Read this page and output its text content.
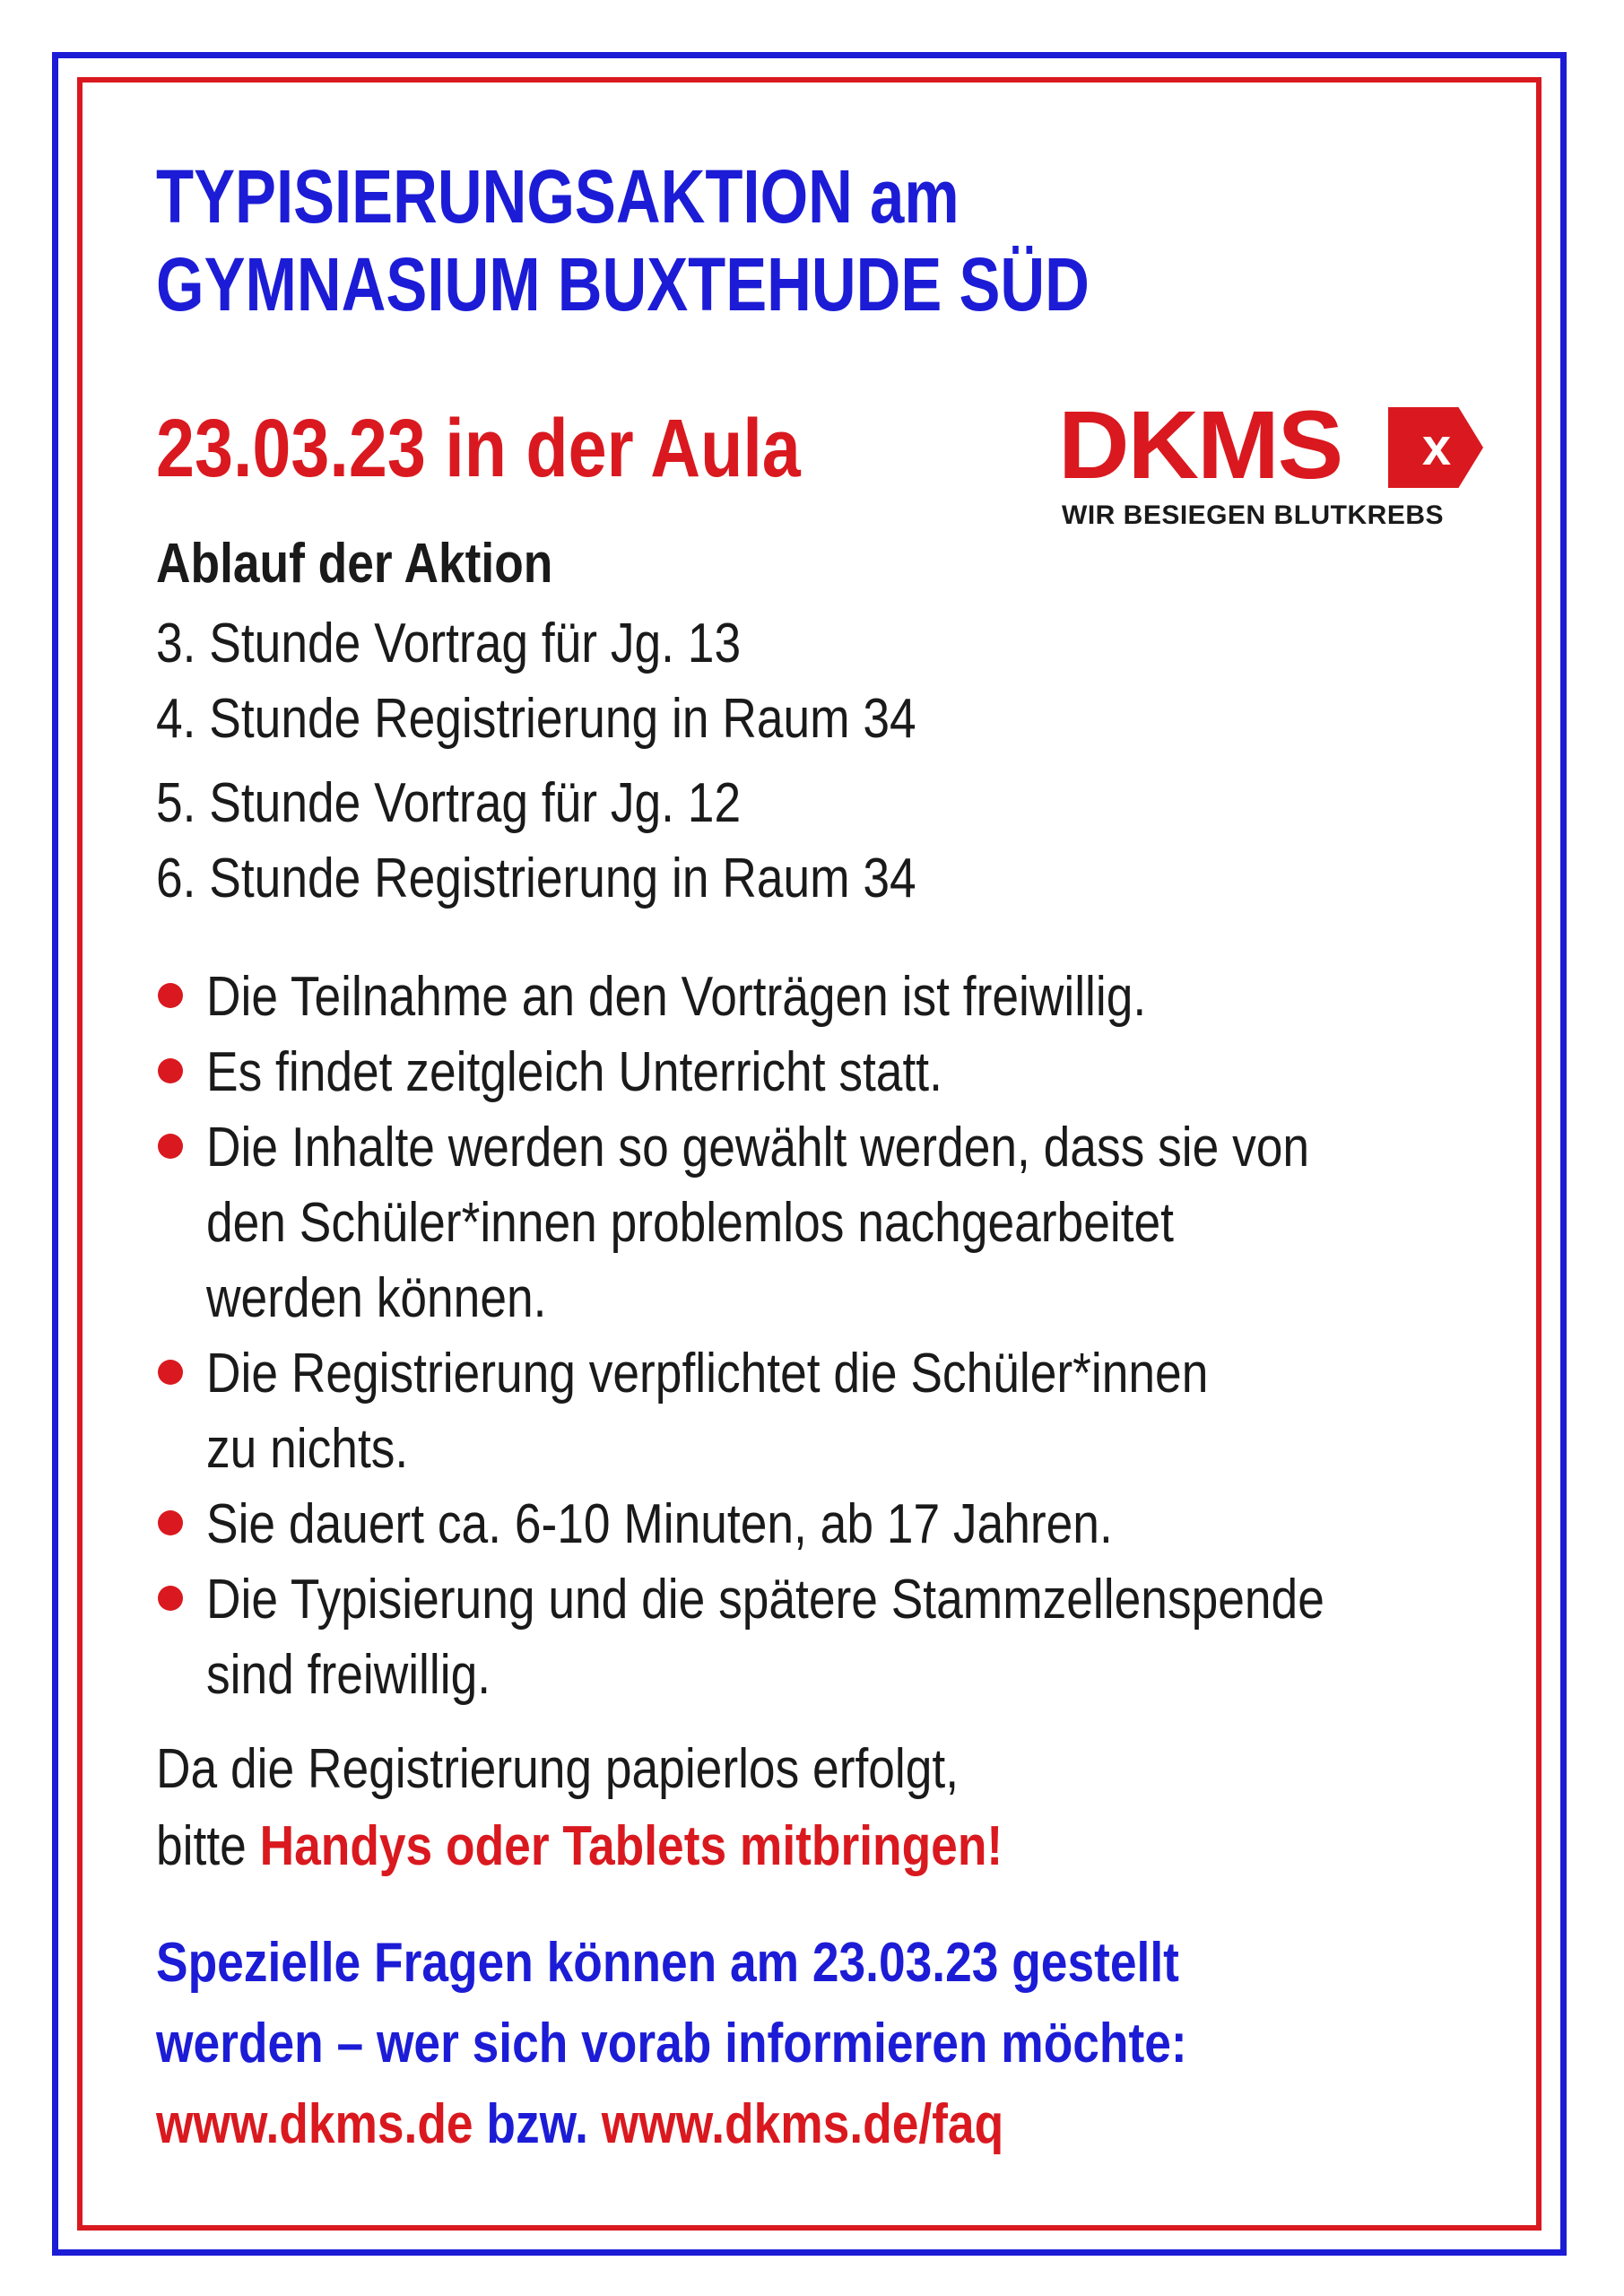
TYPISIERUNGSAKTION am
GYMNASIUM BUXTEHUDE SÜD
23.03.23 in der Aula	DKMS x
WIR BESIEGEN BLUTKREBS
Ablauf der Aktion
3. Stunde Vortrag für Jg. 13
4. Stunde Registrierung in Raum 34
5. Stunde Vortrag für Jg. 12
6. Stunde Registrierung in Raum 34
Die Teilnahme an den Vorträgen ist freiwillig.
Es findet zeitgleich Unterricht statt.
Die Inhalte werden so gewählt werden, dass sie von
den Schüler*innen problemlos nachgearbeitet
werden können.
Die Registrierung verpflichtet die Schüler*innen
zu nichts.
Sie dauert ca. 6-10 Minuten, ab 17 Jahren.
Die Typisierung und die spätere Stammzellenspende
sind freiwillig.

Da die Registrierung papierlos erfolgt,
bitte Handys oder Tablets mitbringen!

Spezielle Fragen können am 23.03.23 gestellt
werden – wer sich vorab informieren möchte:
www.dkms.de bzw. www.dkms.de/faq
